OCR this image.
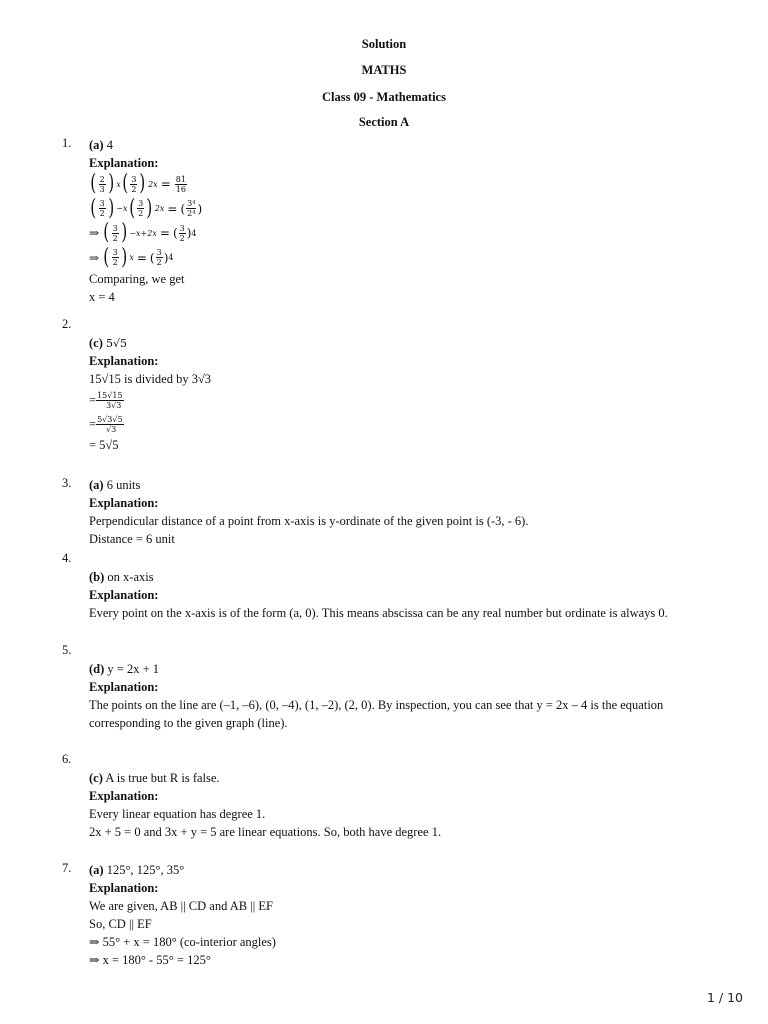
Solution
MATHS
Class 09 - Mathematics
Section A
1. (a) 4
Explanation:
( $\frac{2}{3}$ ) x ( $\frac{3}{2}$ ) $2x = \frac{81}{16}$
( $\frac{3}{2}$ ) −x ( $\frac{3}{2}$ ) 2x = ( $\frac{\text{3⁴}}{\text{2⁴}}$ )
⇒ ( $\frac{3}{2}$ ) −x+2x = ( $\frac{3}{2}$ ) 4
⇒ ( $\frac{3}{2}$ ) x = ( $\frac{3}{2}$ ) 4
Comparing, we get
x = 4
2.
(c) 5√5
Explanation:
15√15 is divided by 3√3
= $\frac{15√15}{3√3}$
= $\frac{5√3√5}{√3}$
= 5√5
3. (a) 6 units
Explanation:
Perpendicular distance of a point from x-axis is y-ordinate of the given point is (-3, - 6).
Distance = 6 unit
4.
(b) on x-axis
Explanation:
Every point on the x-axis is of the form (a, 0). This means abscissa can be any real number but ordinate is always 0.
5.
(d) y = 2x + 1
Explanation:
The points on the line are (–1, –6), (0, –4), (1, –2), (2, 0). By inspection, you can see that y = 2x – 4 is the equation corresponding to the given graph (line).
6.
(c) A is true but R is false.
Explanation:
Every linear equation has degree 1.
2x + 5 = 0 and 3x + y = 5 are linear equations. So, both have degree 1.
7. (a) 125°, 125°, 35°
Explanation:
We are given, AB || CD and AB || EF
So, CD || EF
⇒ 55° + x = 180° (co-interior angles)
⇒ x = 180° - 55° = 125°
1 / 10
